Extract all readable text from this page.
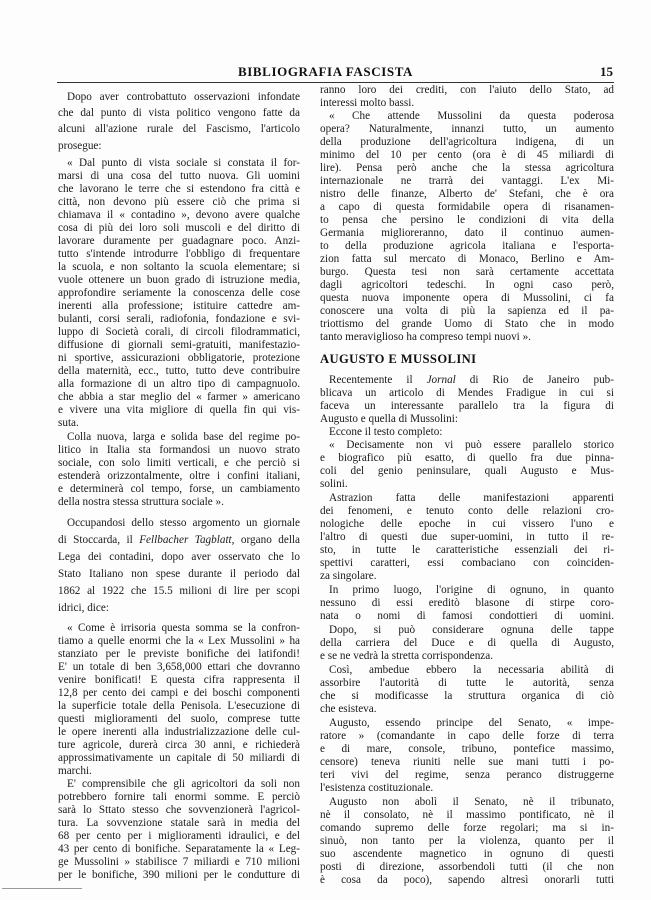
BIBLIOGRAFIA FASCISTA	15
Dopo aver controbattuto osservazioni infondate
che dal punto di vista politico vengono fatte da
alcuni all'azione rurale del Fascismo, l'articolo
prosegue:
« Dal punto di vista sociale si constata il for-
marsi di una cosa del tutto nuova. Gli uomini
che lavorano le terre che si estendono fra città e
città, non devono più essere ciò che prima si
chiamava il « contadino », devono avere qualche
cosa di più dei loro soli muscoli e del diritto di
lavorare duramente per guadagnare poco. Anzi-
tutto s'intende introdurre l'obbligo di frequentare
la scuola, e non soltanto la scuola elementare; si
vuole ottenere un buon grado di istruzione media,
approfondire seriamente la conoscenza delle cose
inerenti alla professione; istituire cattedre am-
bulanti, corsi serali, radiofonia, fondazione e svi-
luppo di Società corali, di circoli filodrammatici,
diffusione di giornali semi-gratuiti, manifestazio-
ni sportive, assicurazioni obbligatorie, protezione
della maternità, ecc., tutto, tutto deve contribuire
alla formazione di un altro tipo di campagnuolo.
che abbia a star meglio del « farmer » americano
e vivere una vita migliore di quella fin qui vis-
suta.
Colla nuova, larga e solida base del regime po-
litico in Italia sta formandosi un nuovo strato
sociale, con solo limiti verticali, e che perciò si
estenderà orizzontalmente, oltre i confini italiani,
e determinerà col tempo, forse, un cambiamento
della nostra stessa struttura sociale ».
Occupandosi dello stesso argomento un giornale
di Stoccarda, il Fellbacher Tagblatt, organo della
Lega dei contadini, dopo aver osservato che lo
Stato Italiano non spese durante il periodo dal
1862 al 1922 che 15.5 milioni di lire per scopi
idrici, dice:
« Come è irrisoria questa somma se la confron-
tiamo a quelle enormi che la « Lex Mussolini » ha
stanziato per le previste bonifiche dei latifondi!
E' un totale di ben 3,658,000 ettari che dovranno
venire bonificati! E questa cifra rappresenta il
12,8 per cento dei campi e dei boschi componenti
la superficie totale della Penisola. L'esecuzione di
questi miglioramenti del suolo, comprese tutte
le opere inerenti alla industrializzazione delle cul-
ture agricole, durerà circa 30 anni, e richiederà
approssimativamente un capitale di 50 miliardi di
marchi.
E' comprensibile che gli agricoltori da soli non
potrebbero fornire tali enormi somme. E perciò
sarà lo Sttato stesso che sovvenzionerà l'agricol-
tura. La sovvenzione statale sarà in media del
68 per cento per i miglioramenti idraulici, e del
43 per cento di bonifiche. Separatamente la « Leg-
ge Mussolini » stabilisce 7 miliardi e 710 milioni
per le bonifiche, 390 milioni per le condutture di
ranno loro dei crediti, con l'aiuto dello Stato, ad
interessi molto bassi.
« Che attende Mussolini da questa poderosa
opera? Naturalmente, innanzi tutto, un aumento
della produzione dell'agricoltura indigena, di un
minimo del 10 per cento (ora è di 45 miliardi di
lire). Pensa però anche che la stessa agricoltura
internazionale ne trarrà dei vantaggi. L'ex Mi-
nistro delle finanze, Alberto de' Stefani, che è ora
a capo di questa formidabile opera di risanamen-
to pensa che persino le condizioni di vita della
Germania miglioreranno, dato il continuo aumen-
to della produzione agricola italiana e l'esporta-
zion fatta sul mercato di Monaco, Berlino e Am-
burgo. Questa tesi non sarà certamente accettata
dagli agricoltori tedeschi. In ogni caso però,
questa nuova imponente opera di Mussolini, ci fa
conoscere una volta di più la sapienza ed il pa-
triottismo del grande Uomo di Stato che in modo
tanto meraviglioso ha compreso tempi nuovi ».
Recentemente il Jornal di Rio de Janeiro pub-
blicava un articolo di Mendes Fradigue in cui si
faceva un interessante parallelo tra la figura di
Augusto e quella di Mussolini:
Eccone il testo completo:
« Decisamente non vi può essere parallelo storico
e biografico più esatto, di quello fra due pinna-
coli del genio peninsulare, quali Augusto e Mus-
solini.
Astrazion fatta delle manifestazioni apparenti
dei fenomeni, e tenuto conto delle relazioni cro-
nologiche delle epoche in cui vissero l'uno e
l'altro di questi due super-uomini, in tutto il re-
sto, in tutte le caratteristiche essenziali dei ri-
spettivi caratteri, essi combaciano con coinciden-
za singolare.
In primo luogo, l'origine di ognuno, in quanto
nessuno di essi ereditò blasone di stirpe coro-
nata o nomi di famosi condottieri di uomini.
Dopo, si può considerare ognuna delle tappe
della carriera del Duce e di quella di Augusto,
e se ne vedrà la stretta corrispondenza.
Così, ambedue ebbero la necessaria abilità di
assorbire l'autorità di tutte le autorità, senza
che si modificasse la struttura organica di ciò
che esisteva.
Augusto, essendo principe del Senato, « impe-
ratore » (comandante in capo delle forze di terra
e di mare, console, tribuno, pontefice massimo,
censore) teneva riuniti nelle sue mani tutti i po-
teri vivi del regime, senza peranco distruggerne
l'esistenza costituzionale.
Augusto non abolì il Senato, nè il tribunato,
nè il consolato, nè il massimo pontificato, nè il
comando supremo delle forze regolari; ma si in-
sinuò, non tanto per la violenza, quanto per il
suo ascendente magnetico in ognuno di questi
posti di direzione, assorbendoli tutti (il che non
è cosa da poco), sapendo altresì onorarli tutti
AUGUSTO E MUSSOLINI
